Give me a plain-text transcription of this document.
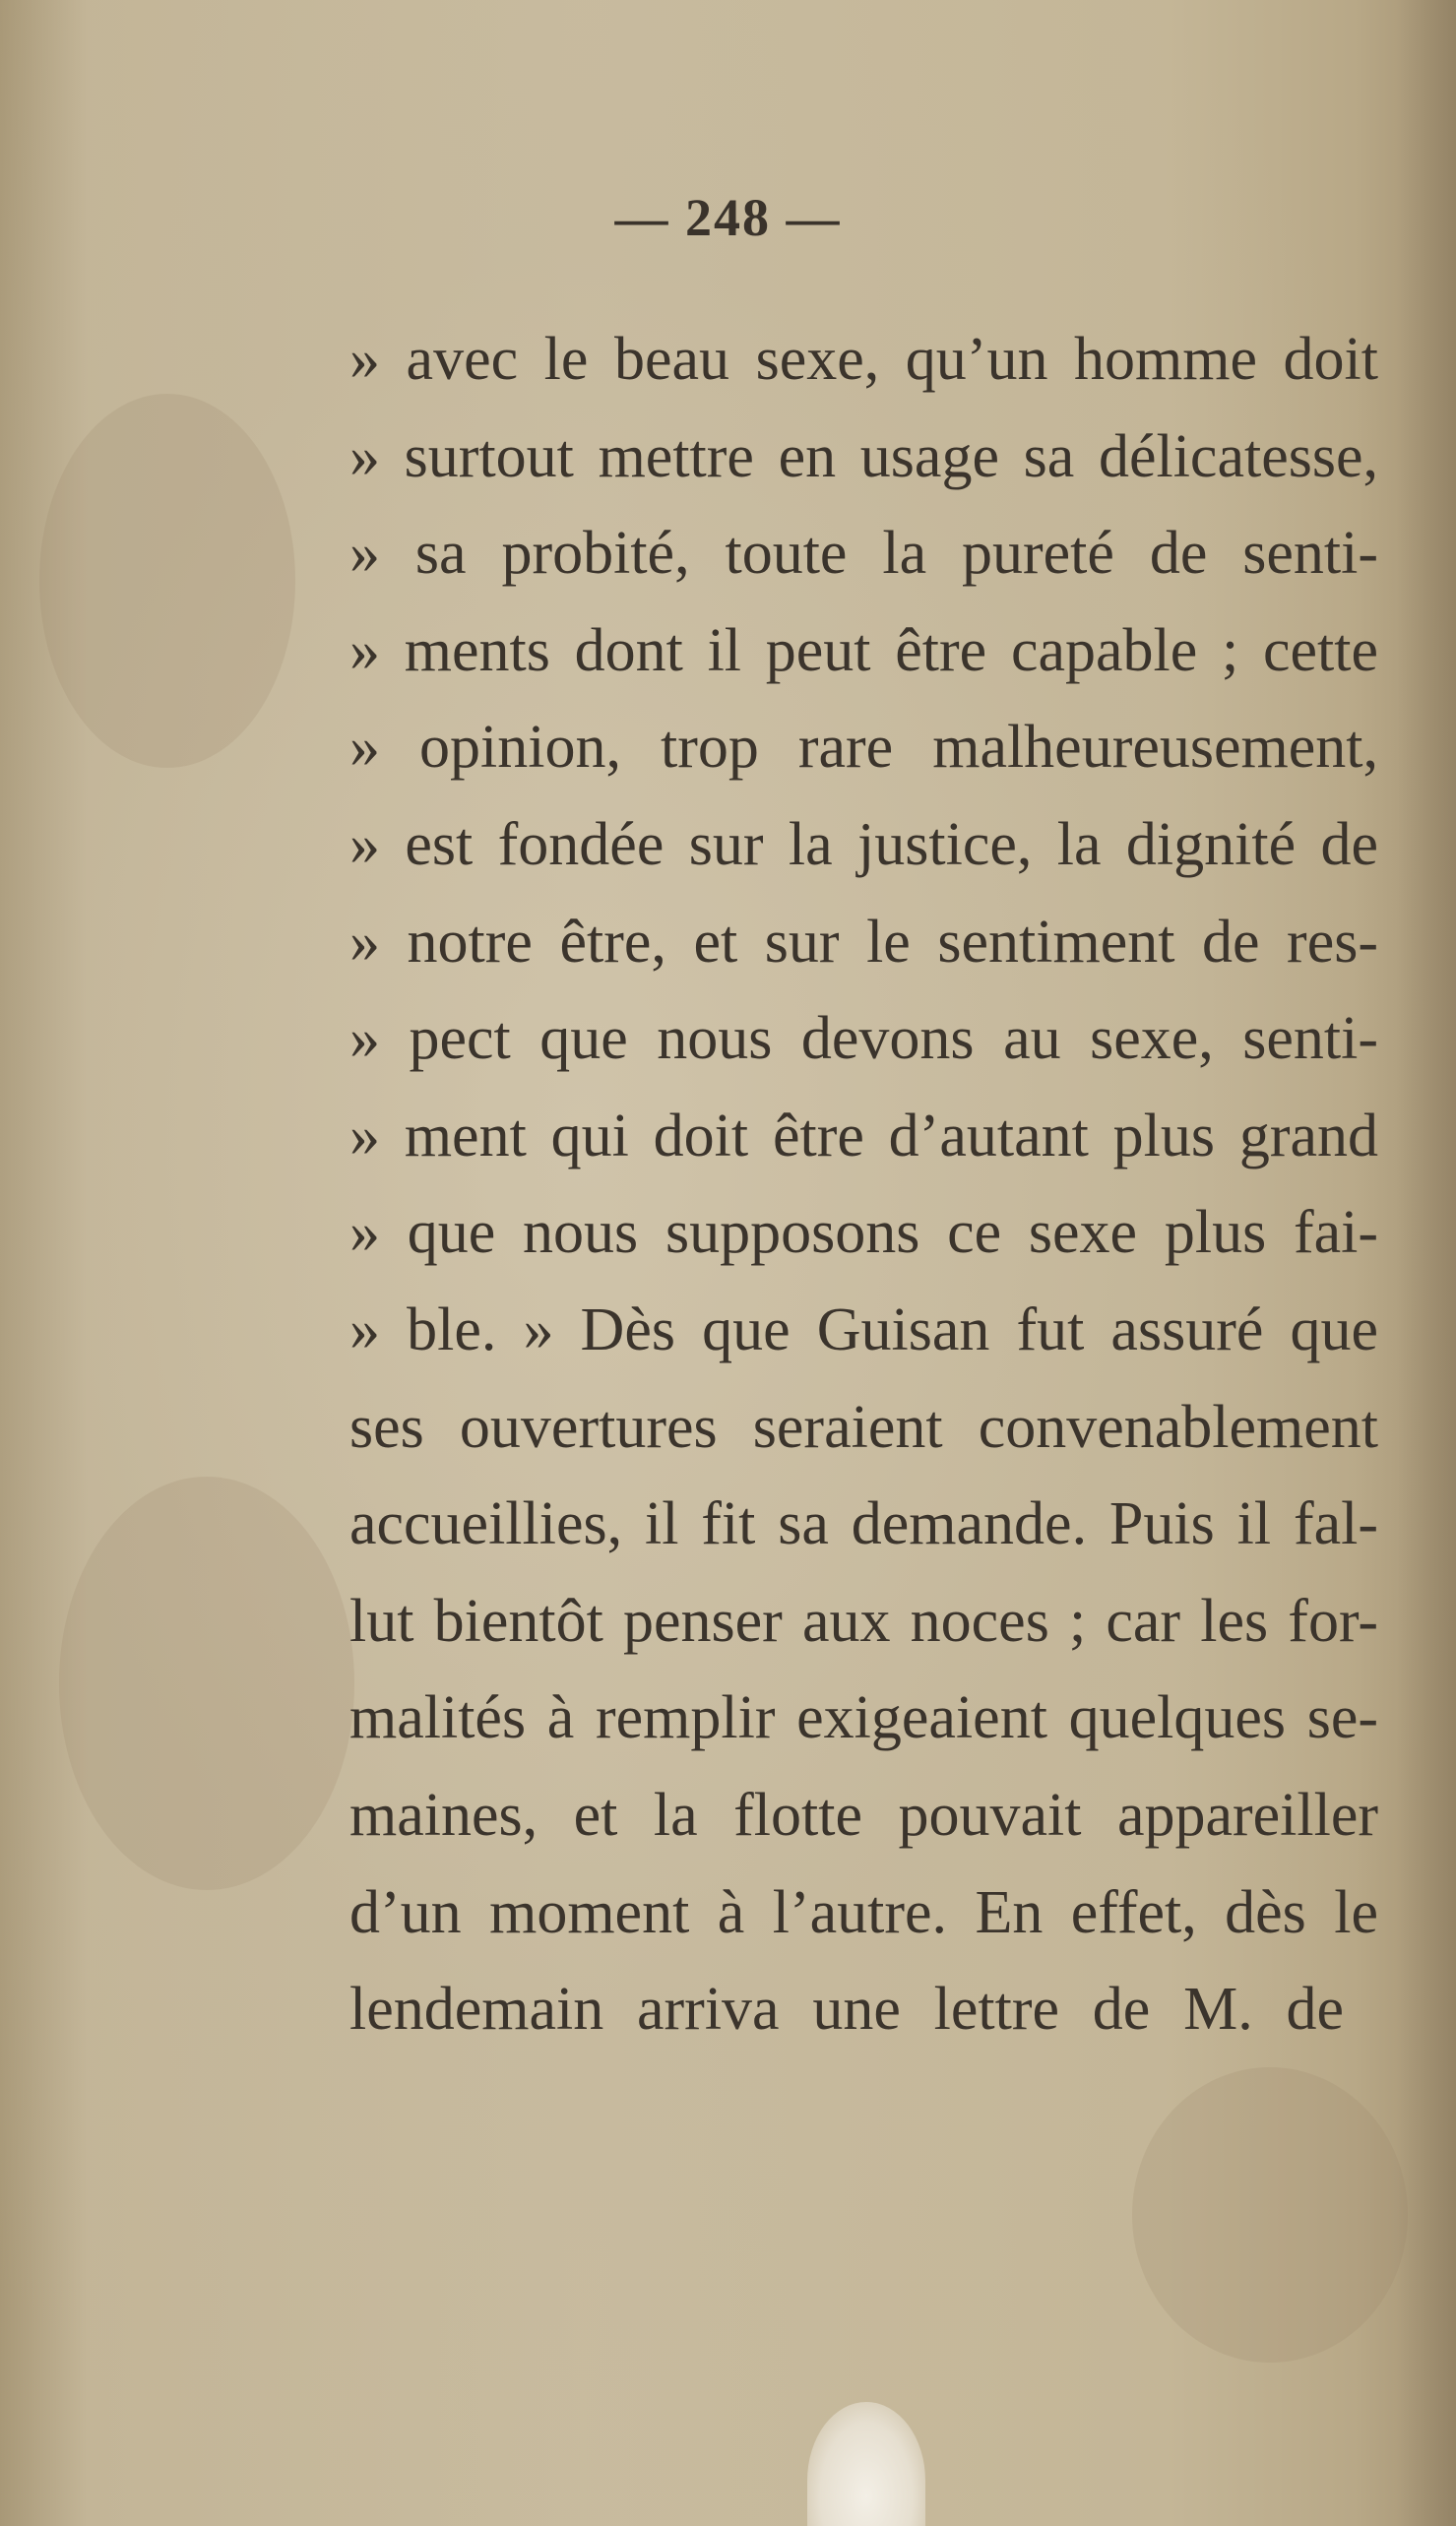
— 248 —
» avec le beau sexe, qu’un homme doit
» surtout mettre en usage sa délicatesse,
» sa probité, toute la pureté de senti-
» ments dont il peut être capable ; cette
» opinion, trop rare malheureusement,
» est fondée sur la justice, la dignité de
» notre être, et sur le sentiment de res-
» pect que nous devons au sexe, senti-
» ment qui doit être d’autant plus grand
» que nous supposons ce sexe plus fai-
» ble. » Dès que Guisan fut assuré que
ses ouvertures seraient convenablement
accueillies, il fit sa demande. Puis il fal-
lut bientôt penser aux noces ; car les for-
malités à remplir exigeaient quelques se-
maines, et la flotte pouvait appareiller
d’un moment à l’autre. En effet, dès le
lendemain arriva une lettre de M. de
